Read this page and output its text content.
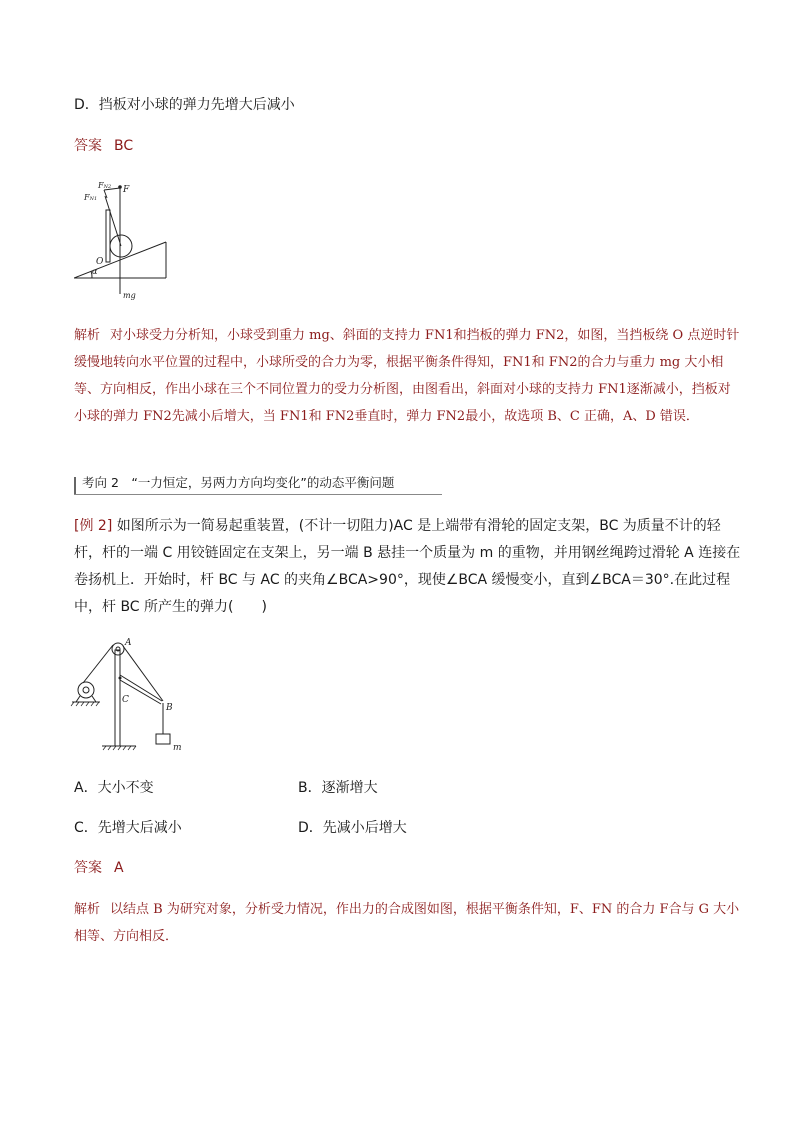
D．挡板对小球的弹力先增大后减小
答案 BC
FN2 F
FN1
O
α
mg
解析 对小球受力分析知，小球受到重力 mg、斜面的支持力 FN1和挡板的弹力 FN2，如图，当挡板绕 O 点逆时针缓慢地转向水平位置的过程中，小球所受的合力为零，根据平衡条件得知，FN1和 FN2的合力与重力 mg 大小相等、方向相反，作出小球在三个不同位置力的受力分析图，由图看出，斜面对小球的支持力 FN1逐渐减小，挡板对小球的弹力 FN2先减小后增大，当 FN1和 FN2垂直时，弹力 FN2最小，故选项 B、C 正确，A、D 错误．
考向 2　“一力恒定，另两力方向均变化”的动态平衡问题
[例 2] 如图所示为一简易起重装置，(不计一切阻力)AC 是上端带有滑轮的固定支架，BC 为质量不计的轻杆，杆的一端 C 用铰链固定在支架上，另一端 B 悬挂一个质量为 m 的重物，并用钢丝绳跨过滑轮 A 连接在卷扬机上．开始时，杆 BC 与 AC 的夹角∠BCA>90°，现使∠BCA 缓慢变小，直到∠BCA＝30°.在此过程中，杆 BC 所产生的弹力(　　)
A
C
B
m
A．大小不变	B．逐渐增大
C．先增大后减小	D．先减小后增大
答案 A
解析 以结点 B 为研究对象，分析受力情况，作出力的合成图如图，根据平衡条件知，F、FN 的合力 F合与 G 大小相等、方向相反．
